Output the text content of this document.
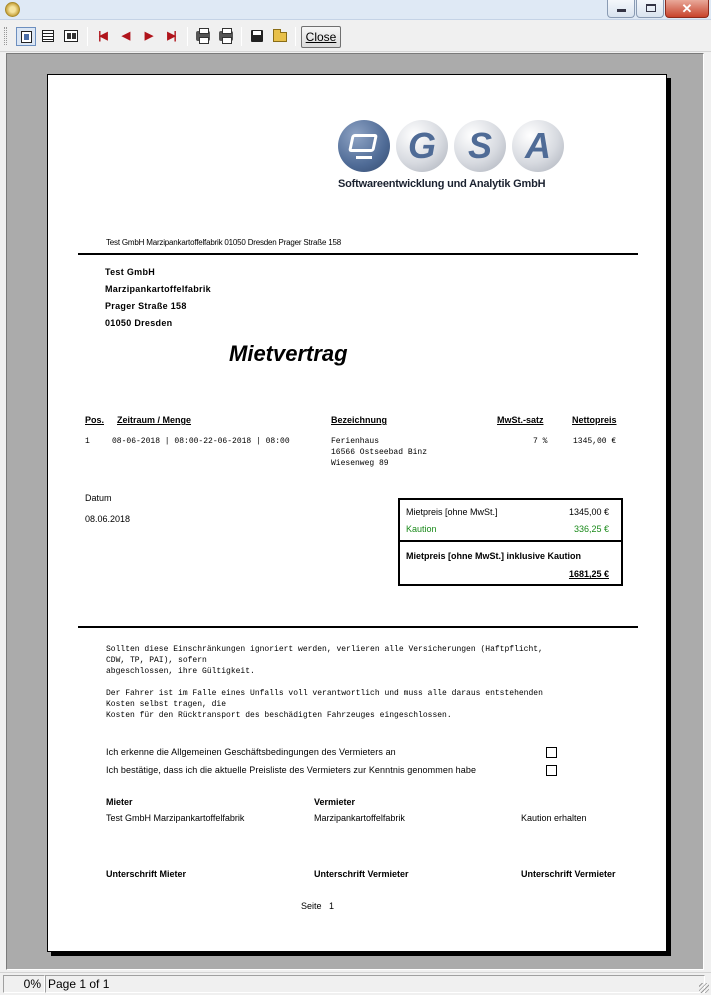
✕
|◀	◀	▶	▶|	Close
G S A
Softwareentwicklung und Analytik GmbH
Test GmbH Marzipankartoffelfabrik 01050 Dresden Prager Straße 158
Test GmbH
Marzipankartoffelfabrik
Prager Straße 158
01050 Dresden
Mietvertrag
Pos. Zeitraum / Menge	Bezeichnung	MwSt.-satz	Nettopreis
1	08-06-2018 | 08:00-22-06-2018 | 08:00	Ferienhaus
16566 Ostseebad Binz
Wiesenweg 89
7 %	1345,00 €
Datum
08.06.2018
Mietpreis [ohne MwSt.]	1345,00 €
Kaution	336,25 €
Mietpreis [ohne MwSt.] inklusive Kaution
1681,25 €
Sollten diese Einschränkungen ignoriert werden, verlieren alle Versicherungen (Haftpflicht,
CDW, TP, PAI), sofern
abgeschlossen, ihre Gültigkeit.
Der Fahrer ist im Falle eines Unfalls voll verantwortlich und muss alle daraus entstehenden
Kosten selbst tragen, die
Kosten für den Rücktransport des beschädigten Fahrzeuges eingeschlossen.
Ich erkenne die Allgemeinen Geschäftsbedingungen des Vermieters an
Ich bestätige, dass ich die aktuelle Preisliste des Vermieters zur Kenntnis genommen habe
Mieter	Vermieter
Test GmbH Marzipankartoffelfabrik	Marzipankartoffelfabrik	Kaution erhalten
Unterschrift Mieter	Unterschrift Vermieter	Unterschrift Vermieter
Seite 1
0% Page 1 of 1
